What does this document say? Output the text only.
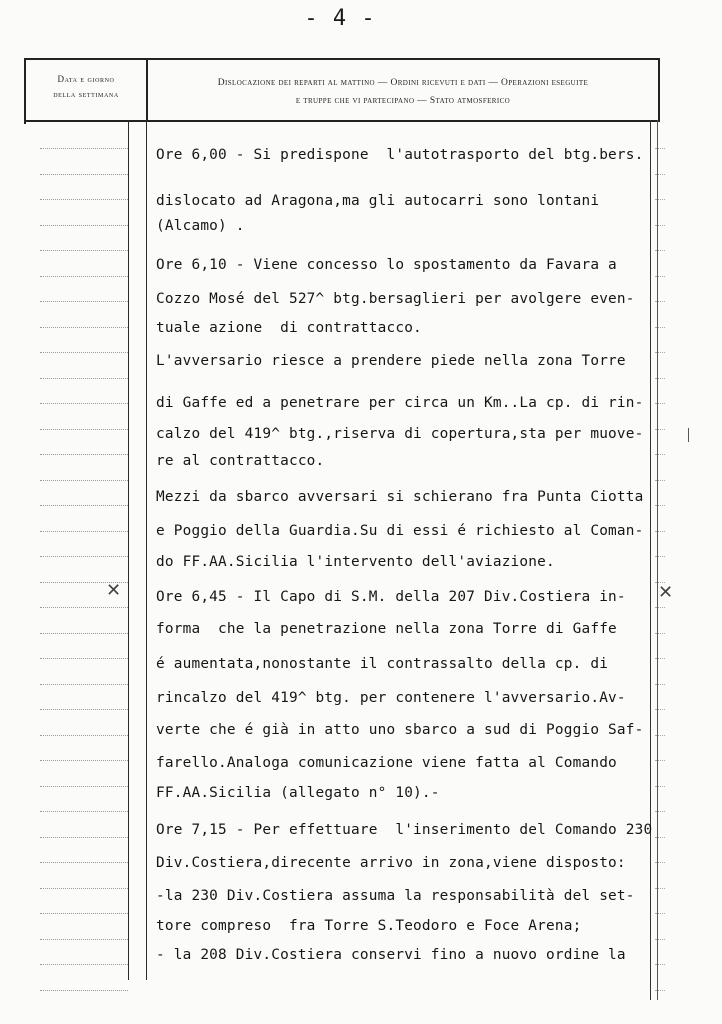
- 4 -
Data e giorno
della settimana
Dislocazione dei reparti al mattino — Ordini ricevuti e dati — Operazioni eseguite
e truppe che vi partecipano — Stato atmosferico
Ore 6,00 - Si predispone  l'autotrasporto del btg.bers.
dislocato ad Aragona,ma gli autocarri sono lontani
(Alcamo) .
Ore 6,10 - Viene concesso lo spostamento da Favara a
Cozzo Mosé del 527^ btg.bersaglieri per avolgere even-
tuale azione  di contrattacco.
L'avversario riesce a prendere piede nella zona Torre
di Gaffe ed a penetrare per circa un Km..La cp. di rin-
calzo del 419^ btg.,riserva di copertura,sta per muove-
re al contrattacco.
Mezzi da sbarco avversari si schierano fra Punta Ciotta
e Poggio della Guardia.Su di essi é richiesto al Coman-
do FF.AA.Sicilia l'intervento dell'aviazione.
Ore 6,45 - Il Capo di S.M. della 207 Div.Costiera in-
forma  che la penetrazione nella zona Torre di Gaffe
é aumentata,nonostante il contrassalto della cp. di
rincalzo del 419^ btg. per contenere l'avversario.Av-
verte che é già in atto uno sbarco a sud di Poggio Saf-
farello.Analoga comunicazione viene fatta al Comando
FF.AA.Sicilia (allegato n° 10).-
Ore 7,15 - Per effettuare  l'inserimento del Comando 230
Div.Costiera,direcente arrivo in zona,viene disposto:
-la 230 Div.Costiera assuma la responsabilità del set-
tore compreso  fra Torre S.Teodoro e Foce Arena;
- la 208 Div.Costiera conservi fino a nuovo ordine la
✕	✕
